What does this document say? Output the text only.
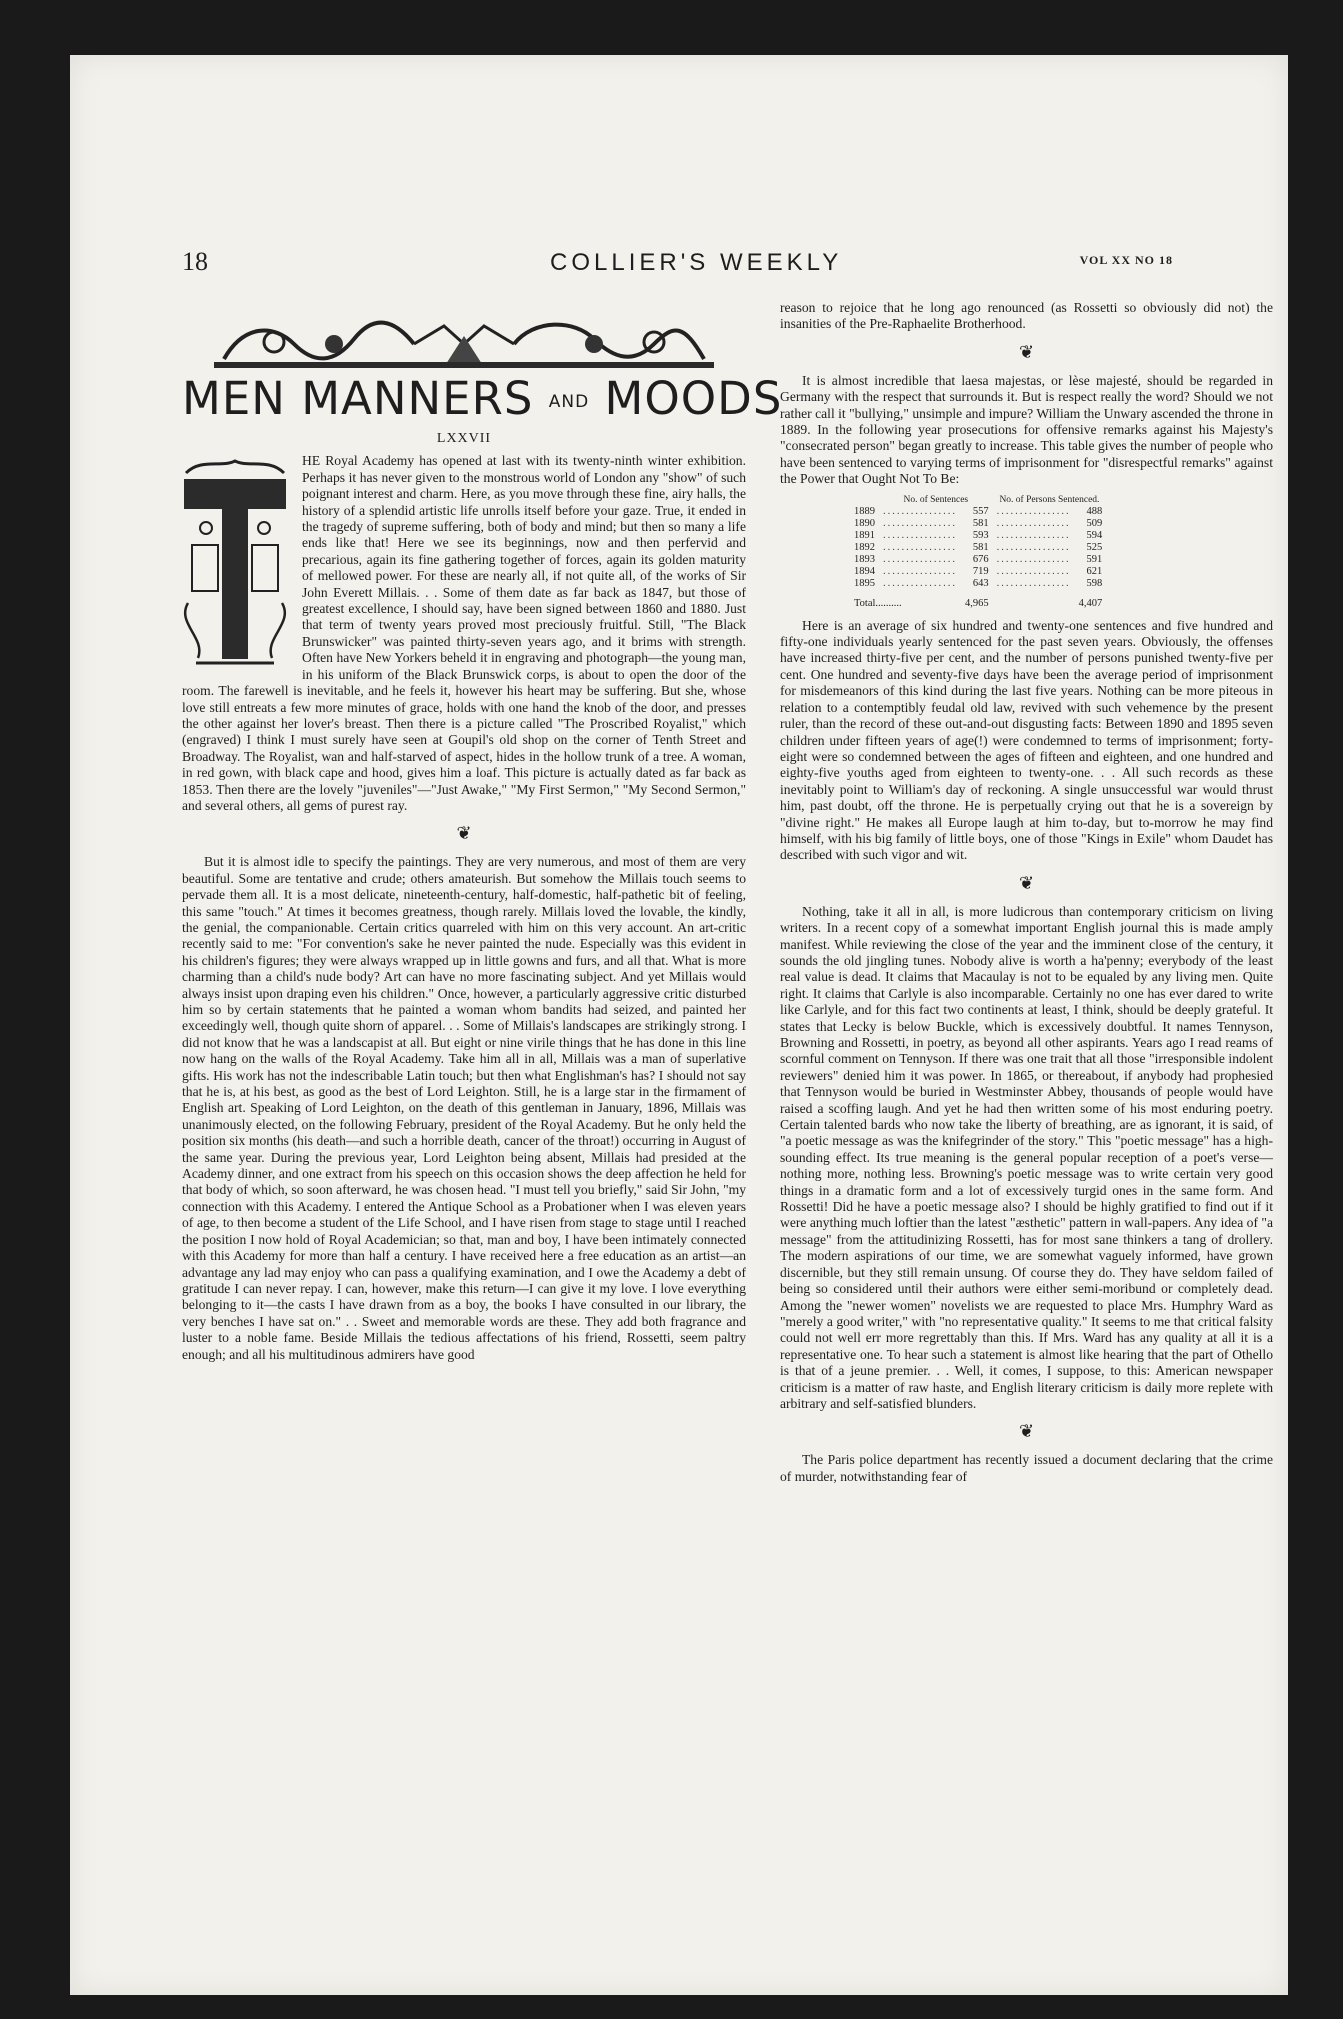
18	COLLIER'S WEEKLY	VOL XX NO 18
MEN MANNERS AND MOODS
LXXVII

HE Royal Academy has opened at last with its twenty-ninth winter exhibition. Perhaps it has never given to the monstrous world of London any "show" of such poignant interest and charm. Here, as you move through these fine, airy halls, the history of a splendid artistic life unrolls itself before your gaze. True, it ended in the tragedy of supreme suffering, both of body and mind; but then so many a life ends like that! Here we see its beginnings, now and then perfervid and precarious, again its fine gathering together of forces, again its golden maturity of mellowed power. For these are nearly all, if not quite all, of the works of Sir John Everett Millais. . . Some of them date as far back as 1847, but those of greatest excellence, I should say, have been signed between 1860 and 1880. Just that term of twenty years proved most preciously fruitful. Still, "The Black Brunswicker" was painted thirty-seven years ago, and it brims with strength. Often have New Yorkers beheld it in engraving and photograph—the young man, in his uniform of the Black Brunswick corps, is about to open the door of the room. The farewell is inevitable, and he feels it, however his heart may be suffering. But she, whose love still entreats a few more minutes of grace, holds with one hand the knob of the door, and presses the other against her lover's breast. Then there is a picture called "The Proscribed Royalist," which (engraved) I think I must surely have seen at Goupil's old shop on the corner of Tenth Street and Broadway. The Royalist, wan and half-starved of aspect, hides in the hollow trunk of a tree. A woman, in red gown, with black cape and hood, gives him a loaf. This picture is actually dated as far back as 1853. Then there are the lovely "juveniles"—"Just Awake," "My First Sermon," "My Second Sermon," and several others, all gems of purest ray.

❦

But it is almost idle to specify the paintings. They are very numerous, and most of them are very beautiful. Some are tentative and crude; others amateurish. But somehow the Millais touch seems to pervade them all. It is a most delicate, nineteenth-century, half-domestic, half-pathetic bit of feeling, this same "touch." At times it becomes greatness, though rarely. Millais loved the lovable, the kindly, the genial, the companionable. Certain critics quarreled with him on this very account. An art-critic recently said to me: "For convention's sake he never painted the nude. Especially was this evident in his children's figures; they were always wrapped up in little gowns and furs, and all that. What is more charming than a child's nude body? Art can have no more fascinating subject. And yet Millais would always insist upon draping even his children." Once, however, a particularly aggressive critic disturbed him so by certain statements that he painted a woman whom bandits had seized, and painted her exceedingly well, though quite shorn of apparel. . . Some of Millais's landscapes are strikingly strong. I did not know that he was a landscapist at all. But eight or nine virile things that he has done in this line now hang on the walls of the Royal Academy. Take him all in all, Millais was a man of superlative gifts. His work has not the indescribable Latin touch; but then what Englishman's has? I should not say that he is, at his best, as good as the best of Lord Leighton. Still, he is a large star in the firmament of English art. Speaking of Lord Leighton, on the death of this gentleman in January, 1896, Millais was unanimously elected, on the following February, president of the Royal Academy. But he only held the position six months (his death—and such a horrible death, cancer of the throat!) occurring in August of the same year. During the previous year, Lord Leighton being absent, Millais had presided at the Academy dinner, and one extract from his speech on this occasion shows the deep affection he held for that body of which, so soon afterward, he was chosen head. "I must tell you briefly," said Sir John, "my connection with this Academy. I entered the Antique School as a Probationer when I was eleven years of age, to then become a student of the Life School, and I have risen from stage to stage until I reached the position I now hold of Royal Academician; so that, man and boy, I have been intimately connected with this Academy for more than half a century. I have received here a free education as an artist—an advantage any lad may enjoy who can pass a qualifying examination, and I owe the Academy a debt of gratitude I can never repay. I can, however, make this return—I can give it my love. I love everything belonging to it—the casts I have drawn from as a boy, the books I have consulted in our library, the very benches I have sat on." . . Sweet and memorable words are these. They add both fragrance and luster to a noble fame. Beside Millais the tedious affectations of his friend, Rossetti, seem paltry enough; and all his multitudinous admirers have good

reason to rejoice that he long ago renounced (as Rossetti so obviously did not) the insanities of the Pre-Raphaelite Brotherhood.

❦

It is almost incredible that laesa majestas, or lèse majesté, should be regarded in Germany with the respect that surrounds it. But is respect really the word? Should we not rather call it "bullying," unsimple and impure? William the Unwary ascended the throne in 1889. In the following year prosecutions for offensive remarks against his Majesty's "consecrated person" began greatly to increase. This table gives the number of people who have been sentenced to varying terms of imprisonment for "disrespectful remarks" against the Power that Ought Not To Be:

	No. of Sentences		No. of Persons Sentenced.	
1889	................	557	................	488
1890	................	581	................	509
1891	................	593	................	594
1892	................	581	................	525
1893	................	676	................	591
1894	................	719	................	621
1895	................	643	................	598
Total..........		4,965		4,407

Here is an average of six hundred and twenty-one sentences and five hundred and fifty-one individuals yearly sentenced for the past seven years. Obviously, the offenses have increased thirty-five per cent, and the number of persons punished twenty-five per cent. One hundred and seventy-five days have been the average period of imprisonment for misdemeanors of this kind during the last five years. Nothing can be more piteous in relation to a contemptibly feudal old law, revived with such vehemence by the present ruler, than the record of these out-and-out disgusting facts: Between 1890 and 1895 seven children under fifteen years of age(!) were condemned to terms of imprisonment; forty-eight were so condemned between the ages of fifteen and eighteen, and one hundred and eighty-five youths aged from eighteen to twenty-one. . . All such records as these inevitably point to William's day of reckoning. A single unsuccessful war would thrust him, past doubt, off the throne. He is perpetually crying out that he is a sovereign by "divine right." He makes all Europe laugh at him to-day, but to-morrow he may find himself, with his big family of little boys, one of those "Kings in Exile" whom Daudet has described with such vigor and wit.

❦

Nothing, take it all in all, is more ludicrous than contemporary criticism on living writers. In a recent copy of a somewhat important English journal this is made amply manifest. While reviewing the close of the year and the imminent close of the century, it sounds the old jingling tunes. Nobody alive is worth a ha'penny; everybody of the least real value is dead. It claims that Macaulay is not to be equaled by any living men. Quite right. It claims that Carlyle is also incomparable. Certainly no one has ever dared to write like Carlyle, and for this fact two continents at least, I think, should be deeply grateful. It states that Lecky is below Buckle, which is excessively doubtful. It names Tennyson, Browning and Rossetti, in poetry, as beyond all other aspirants. Years ago I read reams of scornful comment on Tennyson. If there was one trait that all those "irresponsible indolent reviewers" denied him it was power. In 1865, or thereabout, if anybody had prophesied that Tennyson would be buried in Westminster Abbey, thousands of people would have raised a scoffing laugh. And yet he had then written some of his most enduring poetry. Certain talented bards who now take the liberty of breathing, are as ignorant, it is said, of "a poetic message as was the knifegrinder of the story." This "poetic message" has a high-sounding effect. Its true meaning is the general popular reception of a poet's verse—nothing more, nothing less. Browning's poetic message was to write certain very good things in a dramatic form and a lot of excessively turgid ones in the same form. And Rossetti! Did he have a poetic message also? I should be highly gratified to find out if it were anything much loftier than the latest "æsthetic" pattern in wall-papers. Any idea of "a message" from the attitudinizing Rossetti, has for most sane thinkers a tang of drollery. The modern aspirations of our time, we are somewhat vaguely informed, have grown discernible, but they still remain unsung. Of course they do. They have seldom failed of being so considered until their authors were either semi-moribund or completely dead. Among the "newer women" novelists we are requested to place Mrs. Humphry Ward as "merely a good writer," with "no representative quality." It seems to me that critical falsity could not well err more regrettably than this. If Mrs. Ward has any quality at all it is a representative one. To hear such a statement is almost like hearing that the part of Othello is that of a jeune premier. . . Well, it comes, I suppose, to this: American newspaper criticism is a matter of raw haste, and English literary criticism is daily more replete with arbitrary and self-satisfied blunders.

❦

The Paris police department has recently issued a document declaring that the crime of murder, notwithstanding fear of
